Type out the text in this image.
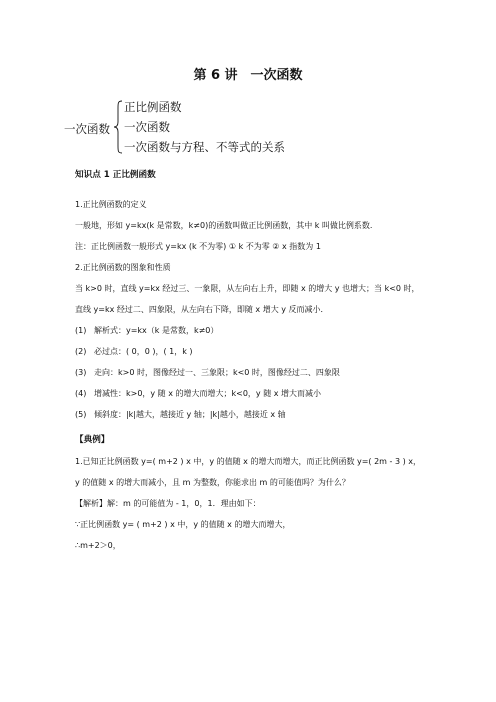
第 6 讲　一次函数
一次函数
正比例函数
一次函数
一次函数与方程、不等式的关系
知识点 1 正比例函数
1.正比例函数的定义
一般地，形如 y=kx(k 是常数，k≠0)的函数叫做正比例函数，其中 k 叫做比例系数.
注：正比例函数一般形式 y=kx (k 不为零) ① k 不为零 ② x 指数为 1
2.正比例函数的图象和性质
当 k>0 时，直线 y=kx 经过三、一象限，从左向右上升，即随 x 的增大 y 也增大；当 k<0 时，
直线 y=kx 经过二、四象限，从左向右下降，即随 x 增大 y 反而减小．
(1) 解析式：y=kx（k 是常数，k≠0）
(2) 必过点：( 0，0 )，( 1，k )
(3) 走向：k>0 时，图像经过一、三象限；k<0 时，图像经过二、四象限
(4) 增减性：k>0，y 随 x 的增大而增大；k<0，y 随 x 增大而减小
(5) 倾斜度：|k|越大，越接近 y 轴；|k|越小，越接近 x 轴
【典例】
1.已知正比例函数 y=( m+2 ) x 中，y 的值随 x 的增大而增大，而正比例函数 y=( 2m - 3 ) x，
y 的值随 x 的增大而减小，且 m 为整数，你能求出 m 的可能值吗？为什么？
【解析】解：m 的可能值为 - 1，0，1．理由如下：
∵正比例函数 y= ( m+2 ) x 中，y 的值随 x 的增大而增大，
∴m+2＞0，
